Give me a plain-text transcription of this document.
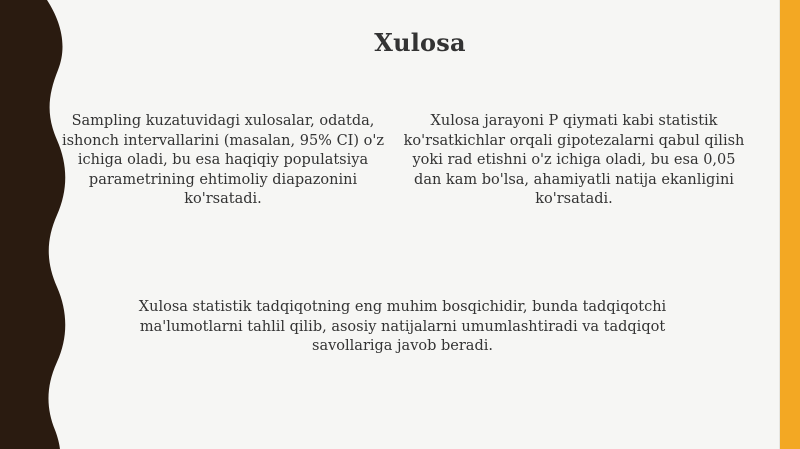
Xulosa
Sampling kuzatuvidagi xulosalar, odatda, ishonch intervallarini (masalan, 95% CI) o'z ichiga oladi, bu esa haqiqiy populatsiya parametrining ehtimoliy diapazonini ko'rsatadi.
Xulosa jarayoni P qiymati kabi statistik ko'rsatkichlar orqali gipotezalarni qabul qilish yoki rad etishni o'z ichiga oladi, bu esa 0,05 dan kam bo'lsa, ahamiyatli natija ekanligini ko'rsatadi.
Xulosa statistik tadqiqotning eng muhim bosqichidir, bunda tadqiqotchi ma'lumotlarni tahlil qilib, asosiy natijalarni umumlashtiradi va tadqiqot savollariga javob beradi.
